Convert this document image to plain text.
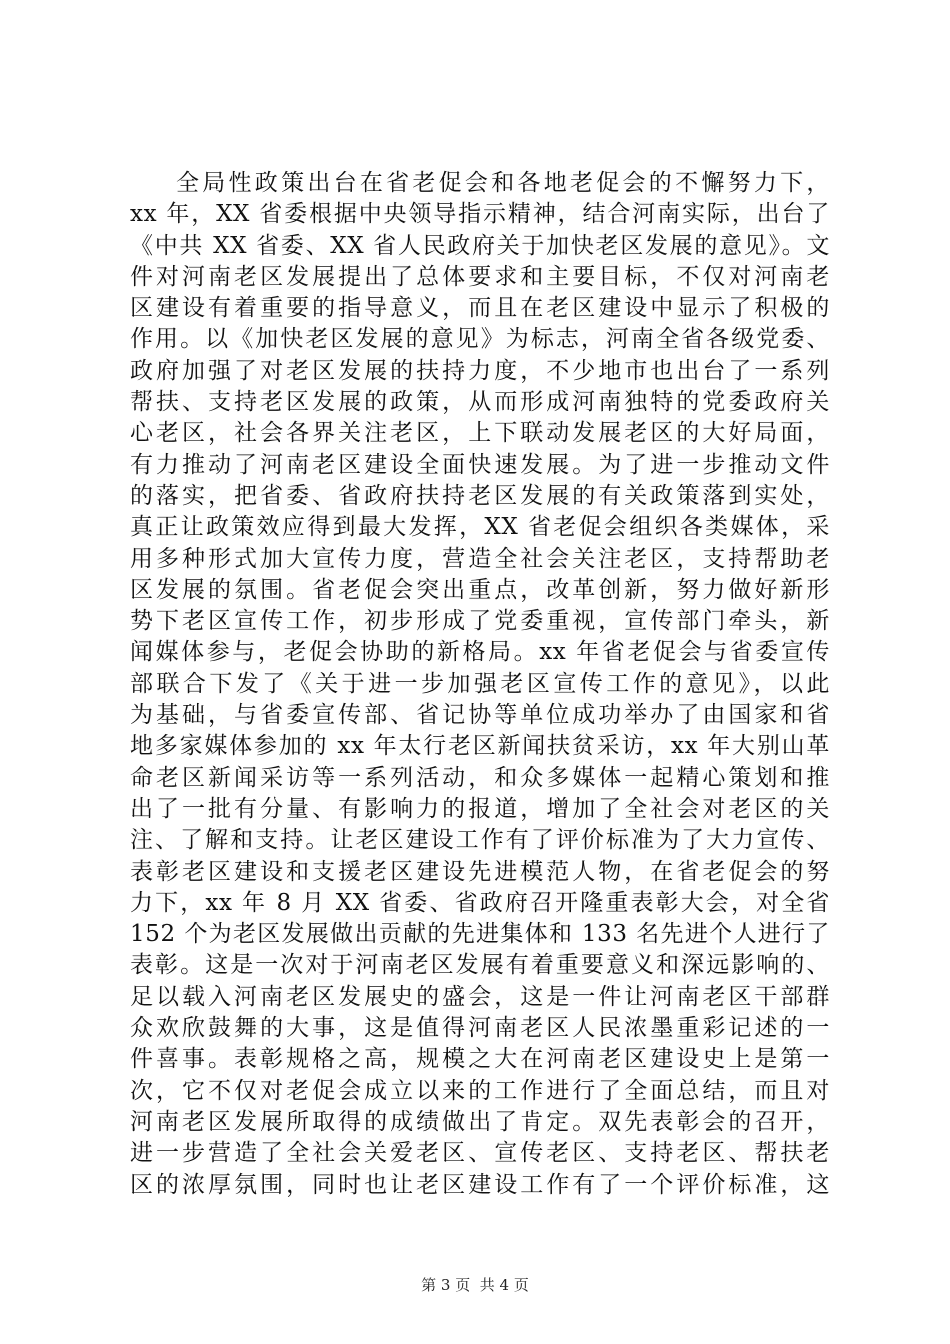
全局性政策出台在省老促会和各地老促会的不懈努力下，
xx 年，XX 省委根据中央领导指示精神，结合河南实际，出台了
《中共 XX 省委、XX 省人民政府关于加快老区发展的意见》。文
件对河南老区发展提出了总体要求和主要目标，不仅对河南老
区建设有着重要的指导意义，而且在老区建设中显示了积极的
作用。以《加快老区发展的意见》为标志，河南全省各级党委、
政府加强了对老区发展的扶持力度，不少地市也出台了一系列
帮扶、支持老区发展的政策，从而形成河南独特的党委政府关
心老区，社会各界关注老区，上下联动发展老区的大好局面，
有力推动了河南老区建设全面快速发展。为了进一步推动文件
的落实，把省委、省政府扶持老区发展的有关政策落到实处，
真正让政策效应得到最大发挥，XX 省老促会组织各类媒体，采
用多种形式加大宣传力度，营造全社会关注老区，支持帮助老
区发展的氛围。省老促会突出重点，改革创新，努力做好新形
势下老区宣传工作，初步形成了党委重视，宣传部门牵头，新
闻媒体参与，老促会协助的新格局。xx 年省老促会与省委宣传
部联合下发了《关于进一步加强老区宣传工作的意见》，以此
为基础，与省委宣传部、省记协等单位成功举办了由国家和省
地多家媒体参加的 xx 年太行老区新闻扶贫采访，xx 年大别山革
命老区新闻采访等一系列活动，和众多媒体一起精心策划和推
出了一批有分量、有影响力的报道，增加了全社会对老区的关
注、了解和支持。让老区建设工作有了评价标准为了大力宣传、
表彰老区建设和支援老区建设先进模范人物，在省老促会的努
力下，xx 年 8 月 XX 省委、省政府召开隆重表彰大会，对全省
152 个为老区发展做出贡献的先进集体和 133 名先进个人进行了
表彰。这是一次对于河南老区发展有着重要意义和深远影响的、
足以载入河南老区发展史的盛会，这是一件让河南老区干部群
众欢欣鼓舞的大事，这是值得河南老区人民浓墨重彩记述的一
件喜事。表彰规格之高，规模之大在河南老区建设史上是第一
次，它不仅对老促会成立以来的工作进行了全面总结，而且对
河南老区发展所取得的成绩做出了肯定。双先表彰会的召开，
进一步营造了全社会关爱老区、宣传老区、支持老区、帮扶老
区的浓厚氛围，同时也让老区建设工作有了一个评价标准，这
第 3 页  共 4 页
